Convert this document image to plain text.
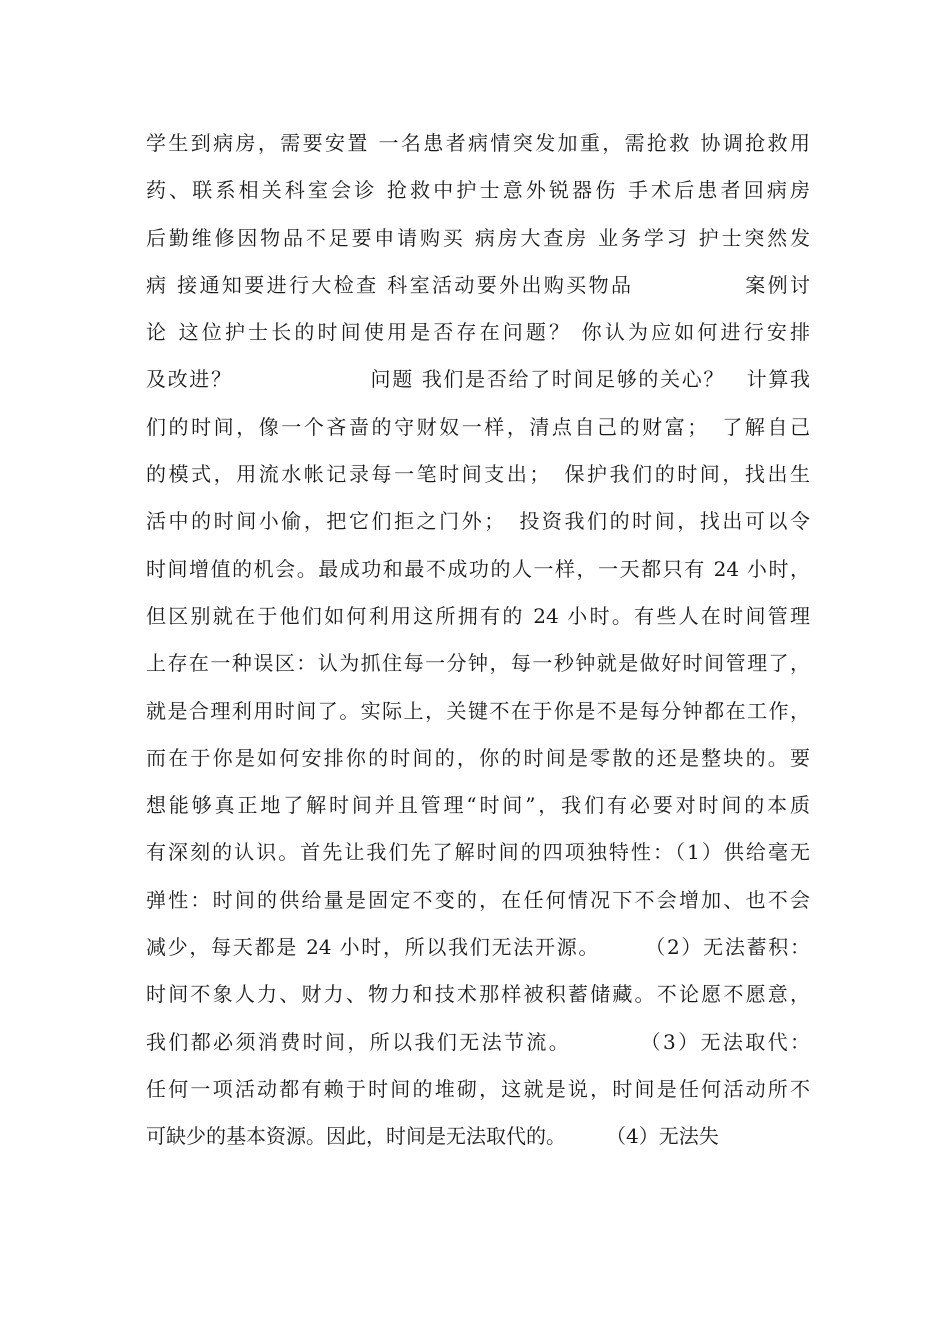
学生到病房，需要安置 一名患者病情突发加重，需抢救 协调抢救用
药、联系相关科室会诊 抢救中护士意外锐器伤 手术后患者回病房
后勤维修因物品不足要申请购买 病房大查房 业务学习 护士突然发
病 接通知要进行大检查 科室活动要外出购买物品　　　　　案例讨
论 这位护士长的时间使用是否存在问题？ 你认为应如何进行安排
及改进？　　　　　　 问题 我们是否给了时间足够的关心？　计算我
们的时间，像一个吝啬的守财奴一样，清点自己的财富；　了解自己
的模式，用流水帐记录每一笔时间支出；　保护我们的时间，找出生
活中的时间小偷，把它们拒之门外；　投资我们的时间，找出可以令
时间增值的机会。最成功和最不成功的人一样，一天都只有 24 小时，
但区别就在于他们如何利用这所拥有的 24 小时。有些人在时间管理
上存在一种误区：认为抓住每一分钟，每一秒钟就是做好时间管理了，
就是合理利用时间了。实际上，关键不在于你是不是每分钟都在工作，
而在于你是如何安排你的时间的，你的时间是零散的还是整块的。要
想能够真正地了解时间并且管理“时间”，我们有必要对时间的本质
有深刻的认识。首先让我们先了解时间的四项独特性：（1）供给毫无
弹性：时间的供给量是固定不变的，在任何情况下不会增加、也不会
减少，每天都是 24 小时，所以我们无法开源。　　　（2）无法蓄积：
时间不象人力、财力、物力和技术那样被积蓄储藏。不论愿不愿意，
我们都必须消费时间，所以我们无法节流。　　　　（3）无法取代：
任何一项活动都有赖于时间的堆砌，这就是说，时间是任何活动所不
可缺少的基本资源。因此，时间是无法取代的。　　　（4）无法失
